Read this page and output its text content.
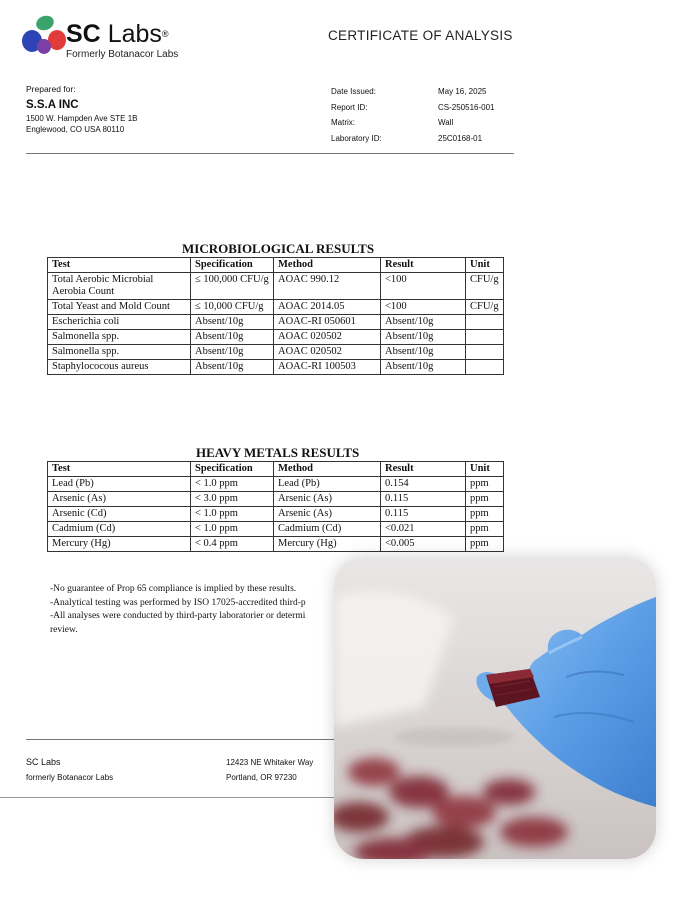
SC Labs®
Formerly Botanacor Labs
CERTIFICATE OF ANALYSIS
Prepared for:
S.S.A INC
1500 W. Hampden Ave STE 1B
Englewood, CO USA 80110
Date Issued:	May 16, 2025
Report ID:	CS-250516-001
Matrix:	Wall
Laboratory ID:	25C0168-01
MICROBIOLOGICAL RESULTS
Test	Specification	Method	Result	Unit
Total Aerobic Microbial Aerobia Count	≤ 100,000 CFU/g	AOAC 990.12	<100	CFU/g
Total Yeast and Mold Count	≤ 10,000 CFU/g	AOAC 2014.05	<100	CFU/g
Escherichia coli	Absent/10g	AOAC-RI 050601	Absent/10g	
Salmonella spp.	Absent/10g	AOAC 020502	Absent/10g	
Salmonella spp.	Absent/10g	AOAC 020502	Absent/10g	
Staphylococous aureus	Absent/10g	AOAC-RI 100503	Absent/10g	
HEAVY METALS RESULTS
Test	Specification	Method	Result	Unit
Lead (Pb)	< 1.0 ppm	Lead (Pb)	0.154	ppm
Arsenic (As)	< 3.0 ppm	Arsenic (As)	0.115	ppm
Arsenic (Cd)	< 1.0 ppm	Arsenic (As)	0.115	ppm
Cadmium (Cd)	< 1.0 ppm	Cadmium (Cd)	<0.021	ppm
Mercury (Hg)	< 0.4 ppm	Mercury (Hg)	<0.005	ppm
-No guarantee of Prop 65 compliance is implied by these results.
-Analytical testing was performed by ISO 17025-accredited third-p
-All analyses were conducted by third-party laboratorier or determi
review.
SC Labs
formerly Botanacor Labs
12423 NE Whitaker Way
Portland, OR 97230
